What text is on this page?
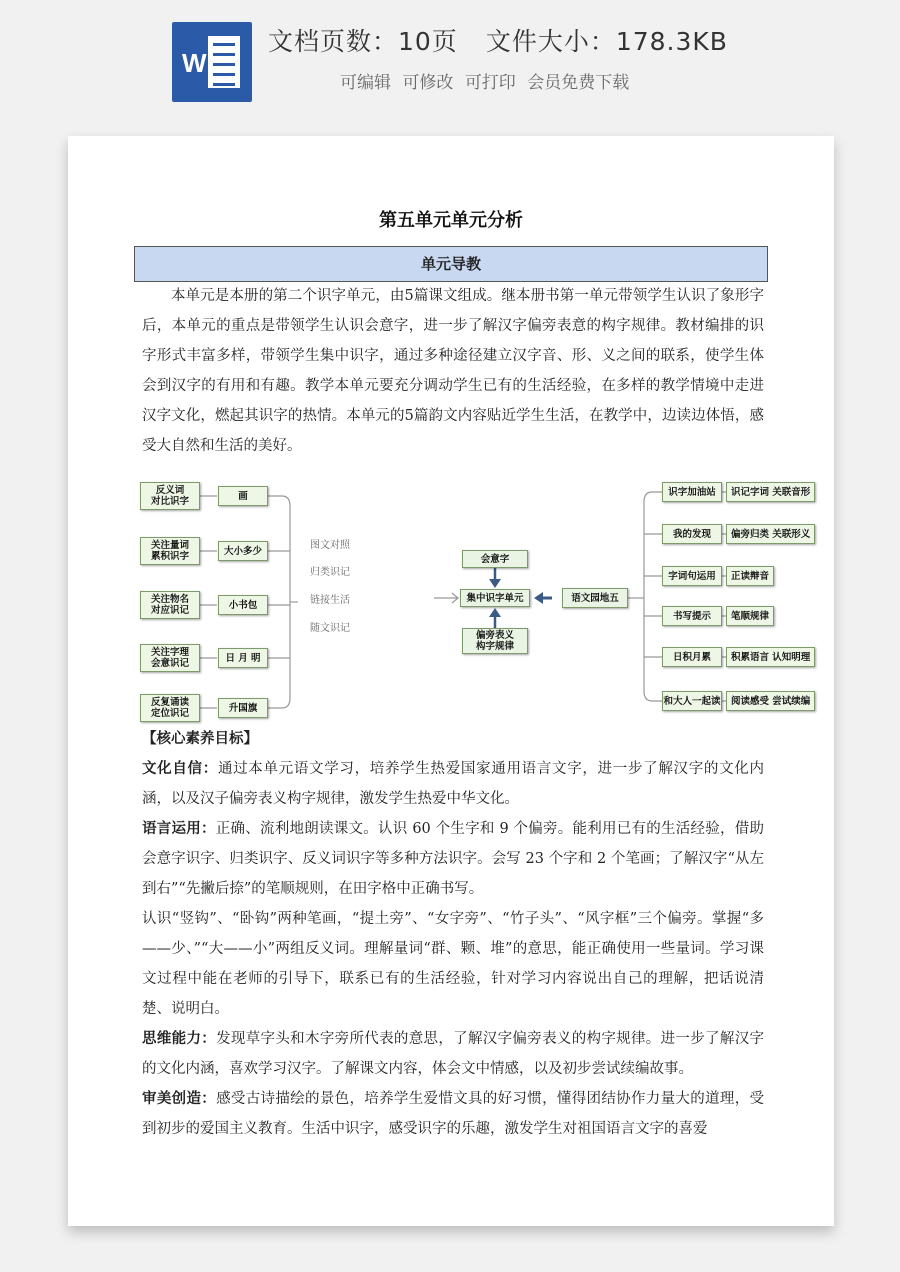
W
文档页数：10页 文件大小：178.3KB
可编辑 可修改 可打印 会员免费下载
第五单元单元分析
单元导教

本单元是本册的第二个识字单元，由5篇课文组成。继本册书第一单元带领学生认识了象形字后，本单元的重点是带领学生认识会意字，进一步了解汉字偏旁表意的构字规律。教材编排的识字形式丰富多样，带领学生集中识字，通过多种途径建立汉字音、形、义之间的联系，使学生体会到汉字的有用和有趣。教学本单元要充分调动学生已有的生活经验，在多样的教学情境中走进汉字文化，燃起其识字的热情。本单元的5篇韵文内容贴近学生生活，在教学中，边读边体悟，感受大自然和生活的美好。

反义词
对比识字	画
关注量词
累积识字	大小多少
关注物名
对应识记	小书包
关注字理
会意识记	日 月 明
反复诵读
定位识记	升国旗
图文对照
归类识记
链接生活
随文识记
会意字
集中识字单元
偏旁表义
构字规律
语文园地五
识字加油站
我的发现
字词句运用
书写提示
日积月累
和大人一起读
识记字词 关联音形
偏旁归类 关联形义
正读辩音
笔顺规律
积累语言 认知明理
阅读感受 尝试续编

【核心素养目标】

文化自信：通过本单元语文学习，培养学生热爱国家通用语言文字，进一步了解汉字的文化内涵，以及汉子偏旁表义构字规律，激发学生热爱中华文化。

语言运用：正确、流利地朗读课文。认识 60 个生字和 9 个偏旁。能利用已有的生活经验，借助会意字识字、归类识字、反义词识字等多种方法识字。会写 23 个字和 2 个笔画；了解汉字“从左到右”“先撇后捺”的笔顺规则，在田字格中正确书写。

认识“竖钩”、“卧钩”两种笔画，“提土旁”、“女字旁”、“竹子头”、“风字框”三个偏旁。掌握“多——少、”“大——小”两组反义词。理解量词“群、颗、堆”的意思，能正确使用一些量词。学习课文过程中能在老师的引导下，联系已有的生活经验，针对学习内容说出自己的理解，把话说清楚、说明白。

思维能力：发现草字头和木字旁所代表的意思，了解汉字偏旁表义的构字规律。进一步了解汉字的文化内涵，喜欢学习汉字。了解课文内容，体会文中情感，以及初步尝试续编故事。

审美创造：感受古诗描绘的景色，培养学生爱惜文具的好习惯，懂得团结协作力量大的道理，受到初步的爱国主义教育。生活中识字，感受识字的乐趣，激发学生对祖国语言文字的喜爱
